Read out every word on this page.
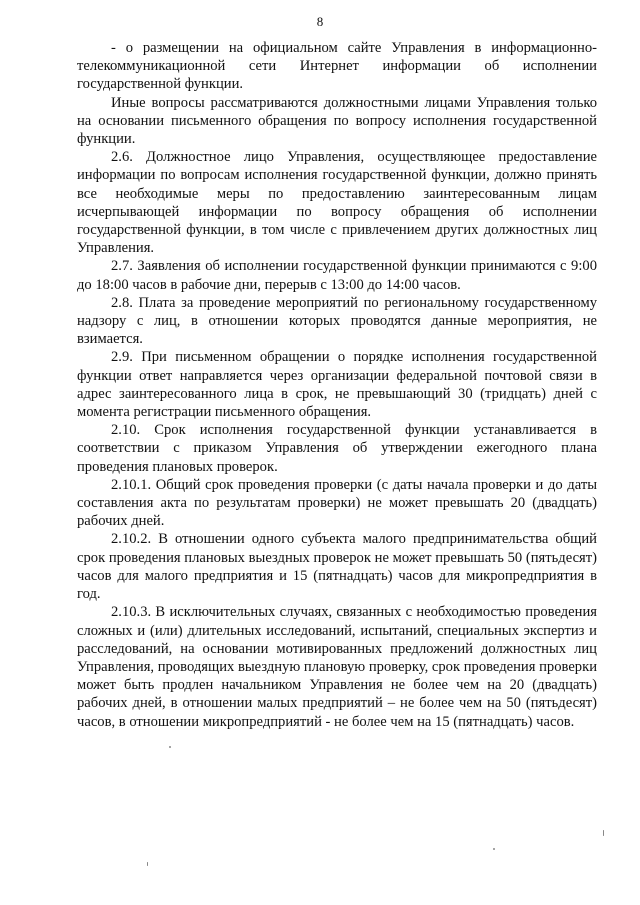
8

- о размещении на официальном сайте Управления в информационно-телекоммуникационной сети Интернет информации об исполнении государственной функции.

Иные вопросы рассматриваются должностными лицами Управления только на основании письменного обращения по вопросу исполнения государственной функции.

2.6. Должностное лицо Управления, осуществляющее предоставление информации по вопросам исполнения государственной функции, должно принять все необходимые меры по предоставлению заинтересованным лицам исчерпывающей информации по вопросу обращения об исполнении государственной функции, в том числе с привлечением других должностных лиц Управления.

2.7. Заявления об исполнении государственной функции принимаются с 9:00 до 18:00 часов в рабочие дни, перерыв с 13:00 до 14:00 часов.

2.8. Плата за проведение мероприятий по региональному государственному надзору с лиц, в отношении которых проводятся данные мероприятия, не взимается.

2.9. При письменном обращении о порядке исполнения государственной функции ответ направляется через организации федеральной почтовой связи в адрес заинтересованного лица в срок, не превышающий 30 (тридцать) дней с момента регистрации письменного обращения.

2.10. Срок исполнения государственной функции устанавливается в соответствии с приказом Управления об утверждении ежегодного плана проведения плановых проверок.

2.10.1. Общий срок проведения проверки (с даты начала проверки и до даты составления акта по результатам проверки) не может превышать 20 (двадцать) рабочих дней.

2.10.2. В отношении одного субъекта малого предпринимательства общий срок проведения плановых выездных проверок не может превышать 50 (пятьдесят) часов для малого предприятия и 15 (пятнадцать) часов для микропредприятия в год.

2.10.3. В исключительных случаях, связанных с необходимостью проведения сложных и (или) длительных исследований, испытаний, специальных экспертиз и расследований, на основании мотивированных предложений должностных лиц Управления, проводящих выездную плановую проверку, срок проведения проверки может быть продлен начальником Управления не более чем на 20 (двадцать) рабочих дней, в отношении малых предприятий – не более чем на 50 (пятьдесят) часов, в отношении микропредприятий - не более чем на 15 (пятнадцать) часов.
